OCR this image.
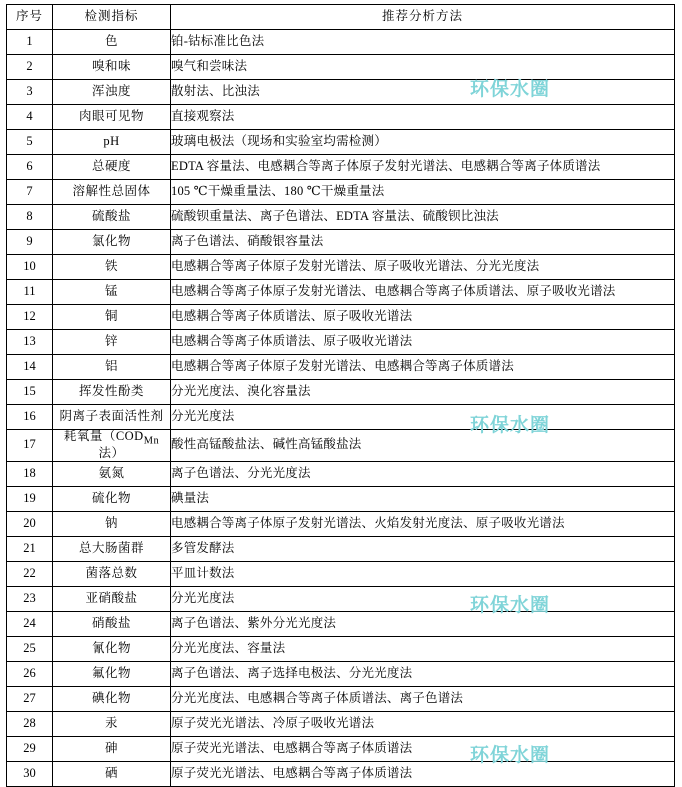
序号	检测指标	推荐分析方法
1	色	铂-钴标准比色法
2	嗅和味	嗅气和尝味法
3	浑浊度	散射法、比浊法
4	肉眼可见物	直接观察法
5	pH	玻璃电极法（现场和实验室均需检测）
6	总硬度	EDTA 容量法、电感耦合等离子体原子发射光谱法、电感耦合等离子体质谱法
7	溶解性总固体	105 ℃干燥重量法、180 ℃干燥重量法
8	硫酸盐	硫酸钡重量法、离子色谱法、EDTA 容量法、硫酸钡比浊法
9	氯化物	离子色谱法、硝酸银容量法
10	铁	电感耦合等离子体原子发射光谱法、原子吸收光谱法、分光光度法
11	锰	电感耦合等离子体原子发射光谱法、电感耦合等离子体质谱法、原子吸收光谱法
12	铜	电感耦合等离子体质谱法、原子吸收光谱法
13	锌	电感耦合等离子体质谱法、原子吸收光谱法
14	铝	电感耦合等离子体原子发射光谱法、电感耦合等离子体质谱法
15	挥发性酚类	分光光度法、溴化容量法
16	阴离子表面活性剂	分光光度法
17	耗氧量（$COD_{Mn}$法）	酸性高锰酸盐法、碱性高锰酸盐法
18	氨氮	离子色谱法、分光光度法
19	硫化物	碘量法
20	钠	电感耦合等离子体原子发射光谱法、火焰发射光度法、原子吸收光谱法
21	总大肠菌群	多管发酵法
22	菌落总数	平皿计数法
23	亚硝酸盐	分光光度法
24	硝酸盐	离子色谱法、紫外分光光度法
25	氰化物	分光光度法、容量法
26	氟化物	离子色谱法、离子选择电极法、分光光度法
27	碘化物	分光光度法、电感耦合等离子体质谱法、离子色谱法
28	汞	原子荧光光谱法、冷原子吸收光谱法
29	砷	原子荧光光谱法、电感耦合等离子体质谱法
30	硒	原子荧光光谱法、电感耦合等离子体质谱法
环保水圈
环保水圈
环保水圈
环保水圈
